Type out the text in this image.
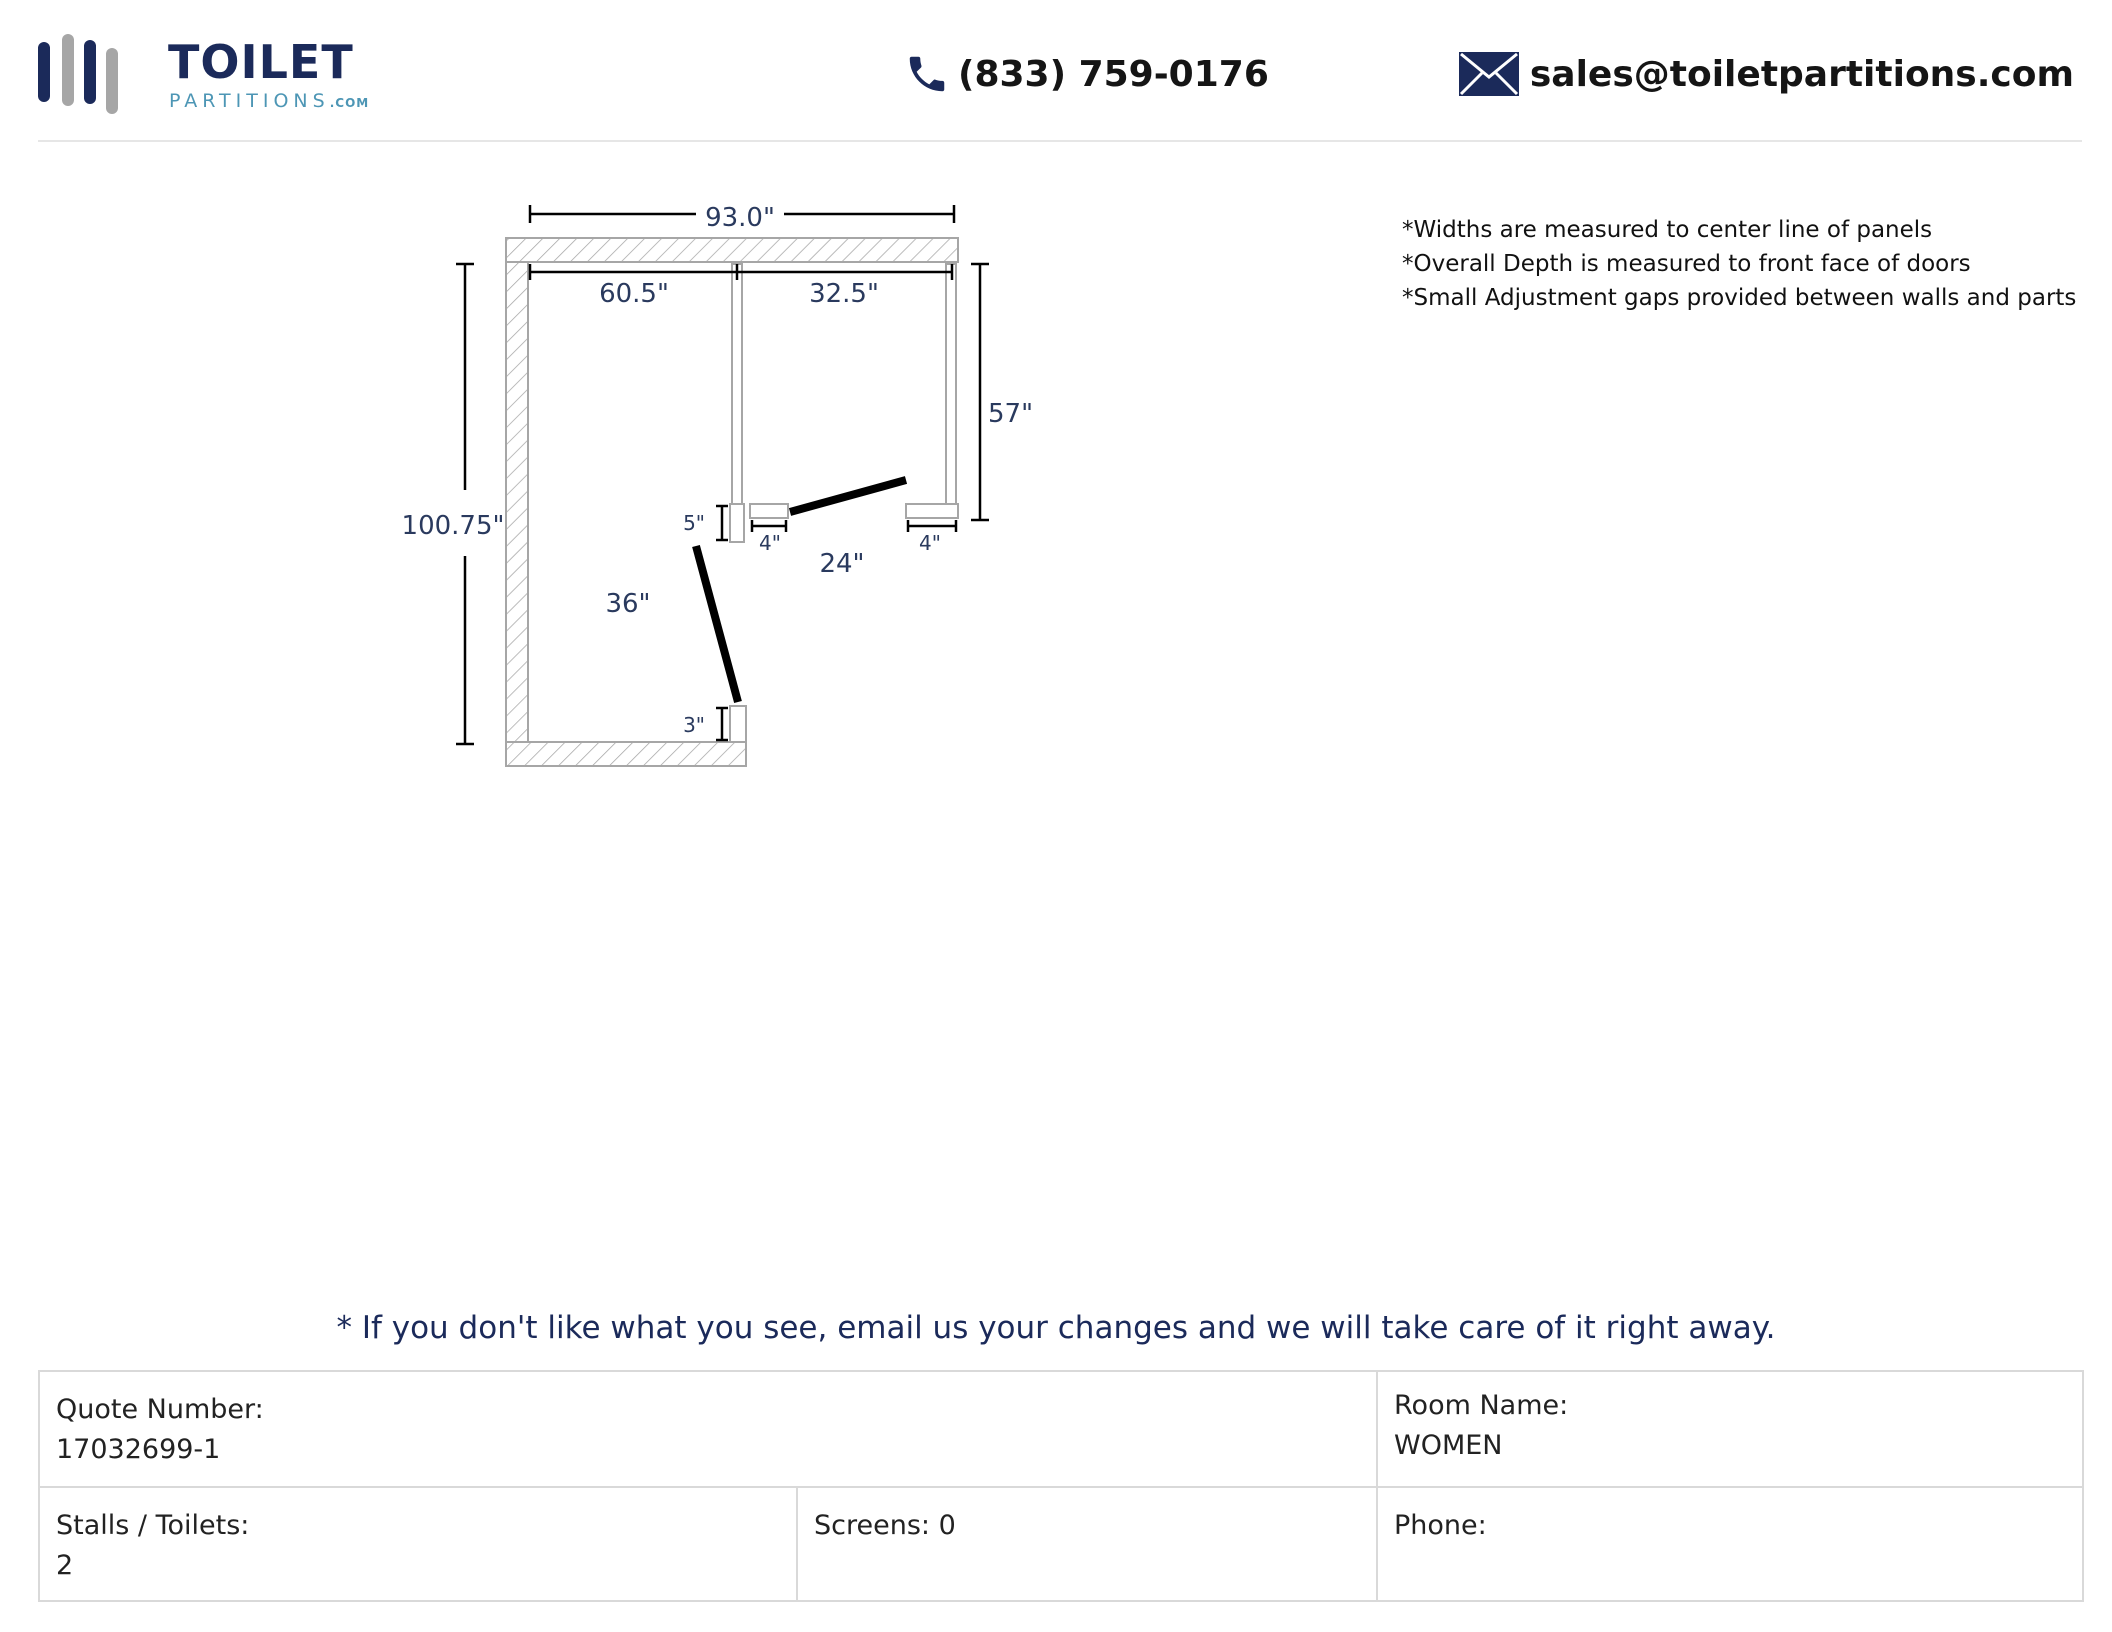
TOILET
PARTITIONS.COM
(833) 759-0176	sales@toiletpartitions.com
93.0"
60.5"	32.5"
100.75"
57"
5"
3"
4"	4"
24"
36"
*Widths are measured to center line of panels
*Overall Depth is measured to front face of doors
*Small Adjustment gaps provided between walls and parts
* If you don't like what you see, email us your changes and we will take care of it right away.
Quote Number:
17032699-1
Room Name:
WOMEN
Stalls / Toilets:
2
Screens: 0	Phone:
